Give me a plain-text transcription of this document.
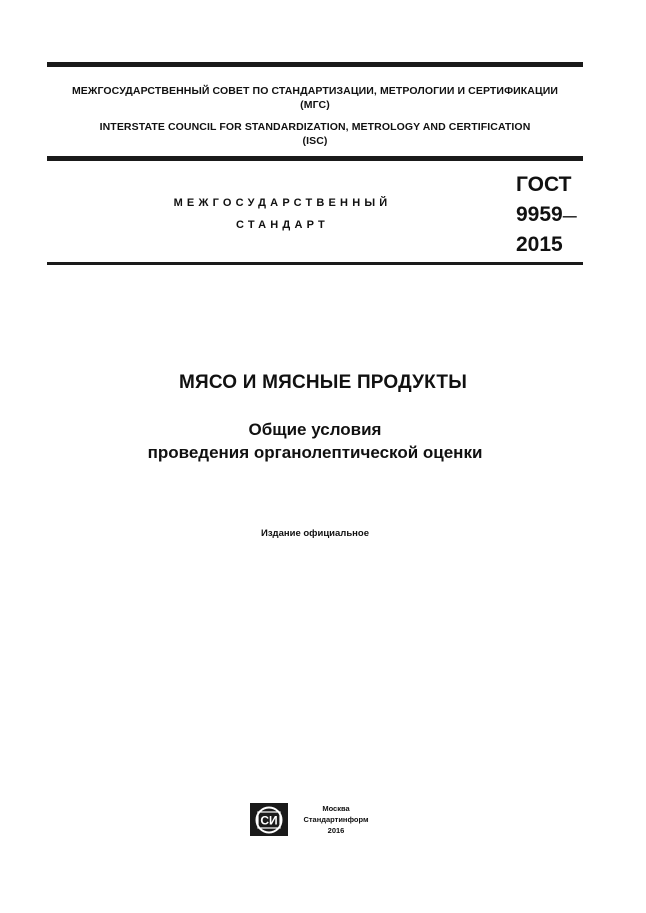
МЕЖГОСУДАРСТВЕННЫЙ СОВЕТ ПО СТАНДАРТИЗАЦИИ, МЕТРОЛОГИИ И СЕРТИФИКАЦИИ
(МГС)
INTERSTATE COUNCIL FOR STANDARDIZATION, METROLOGY AND CERTIFICATION
(ISC)
МЕЖГОСУДАРСТВЕННЫЙ
СТАНДАРТ
ГОСТ
9959—
2015
МЯСО И МЯСНЫЕ ПРОДУКТЫ
Общие условия
проведения органолептической оценки
Издание официальное
СИ
Москва
Стандартинформ
2016
